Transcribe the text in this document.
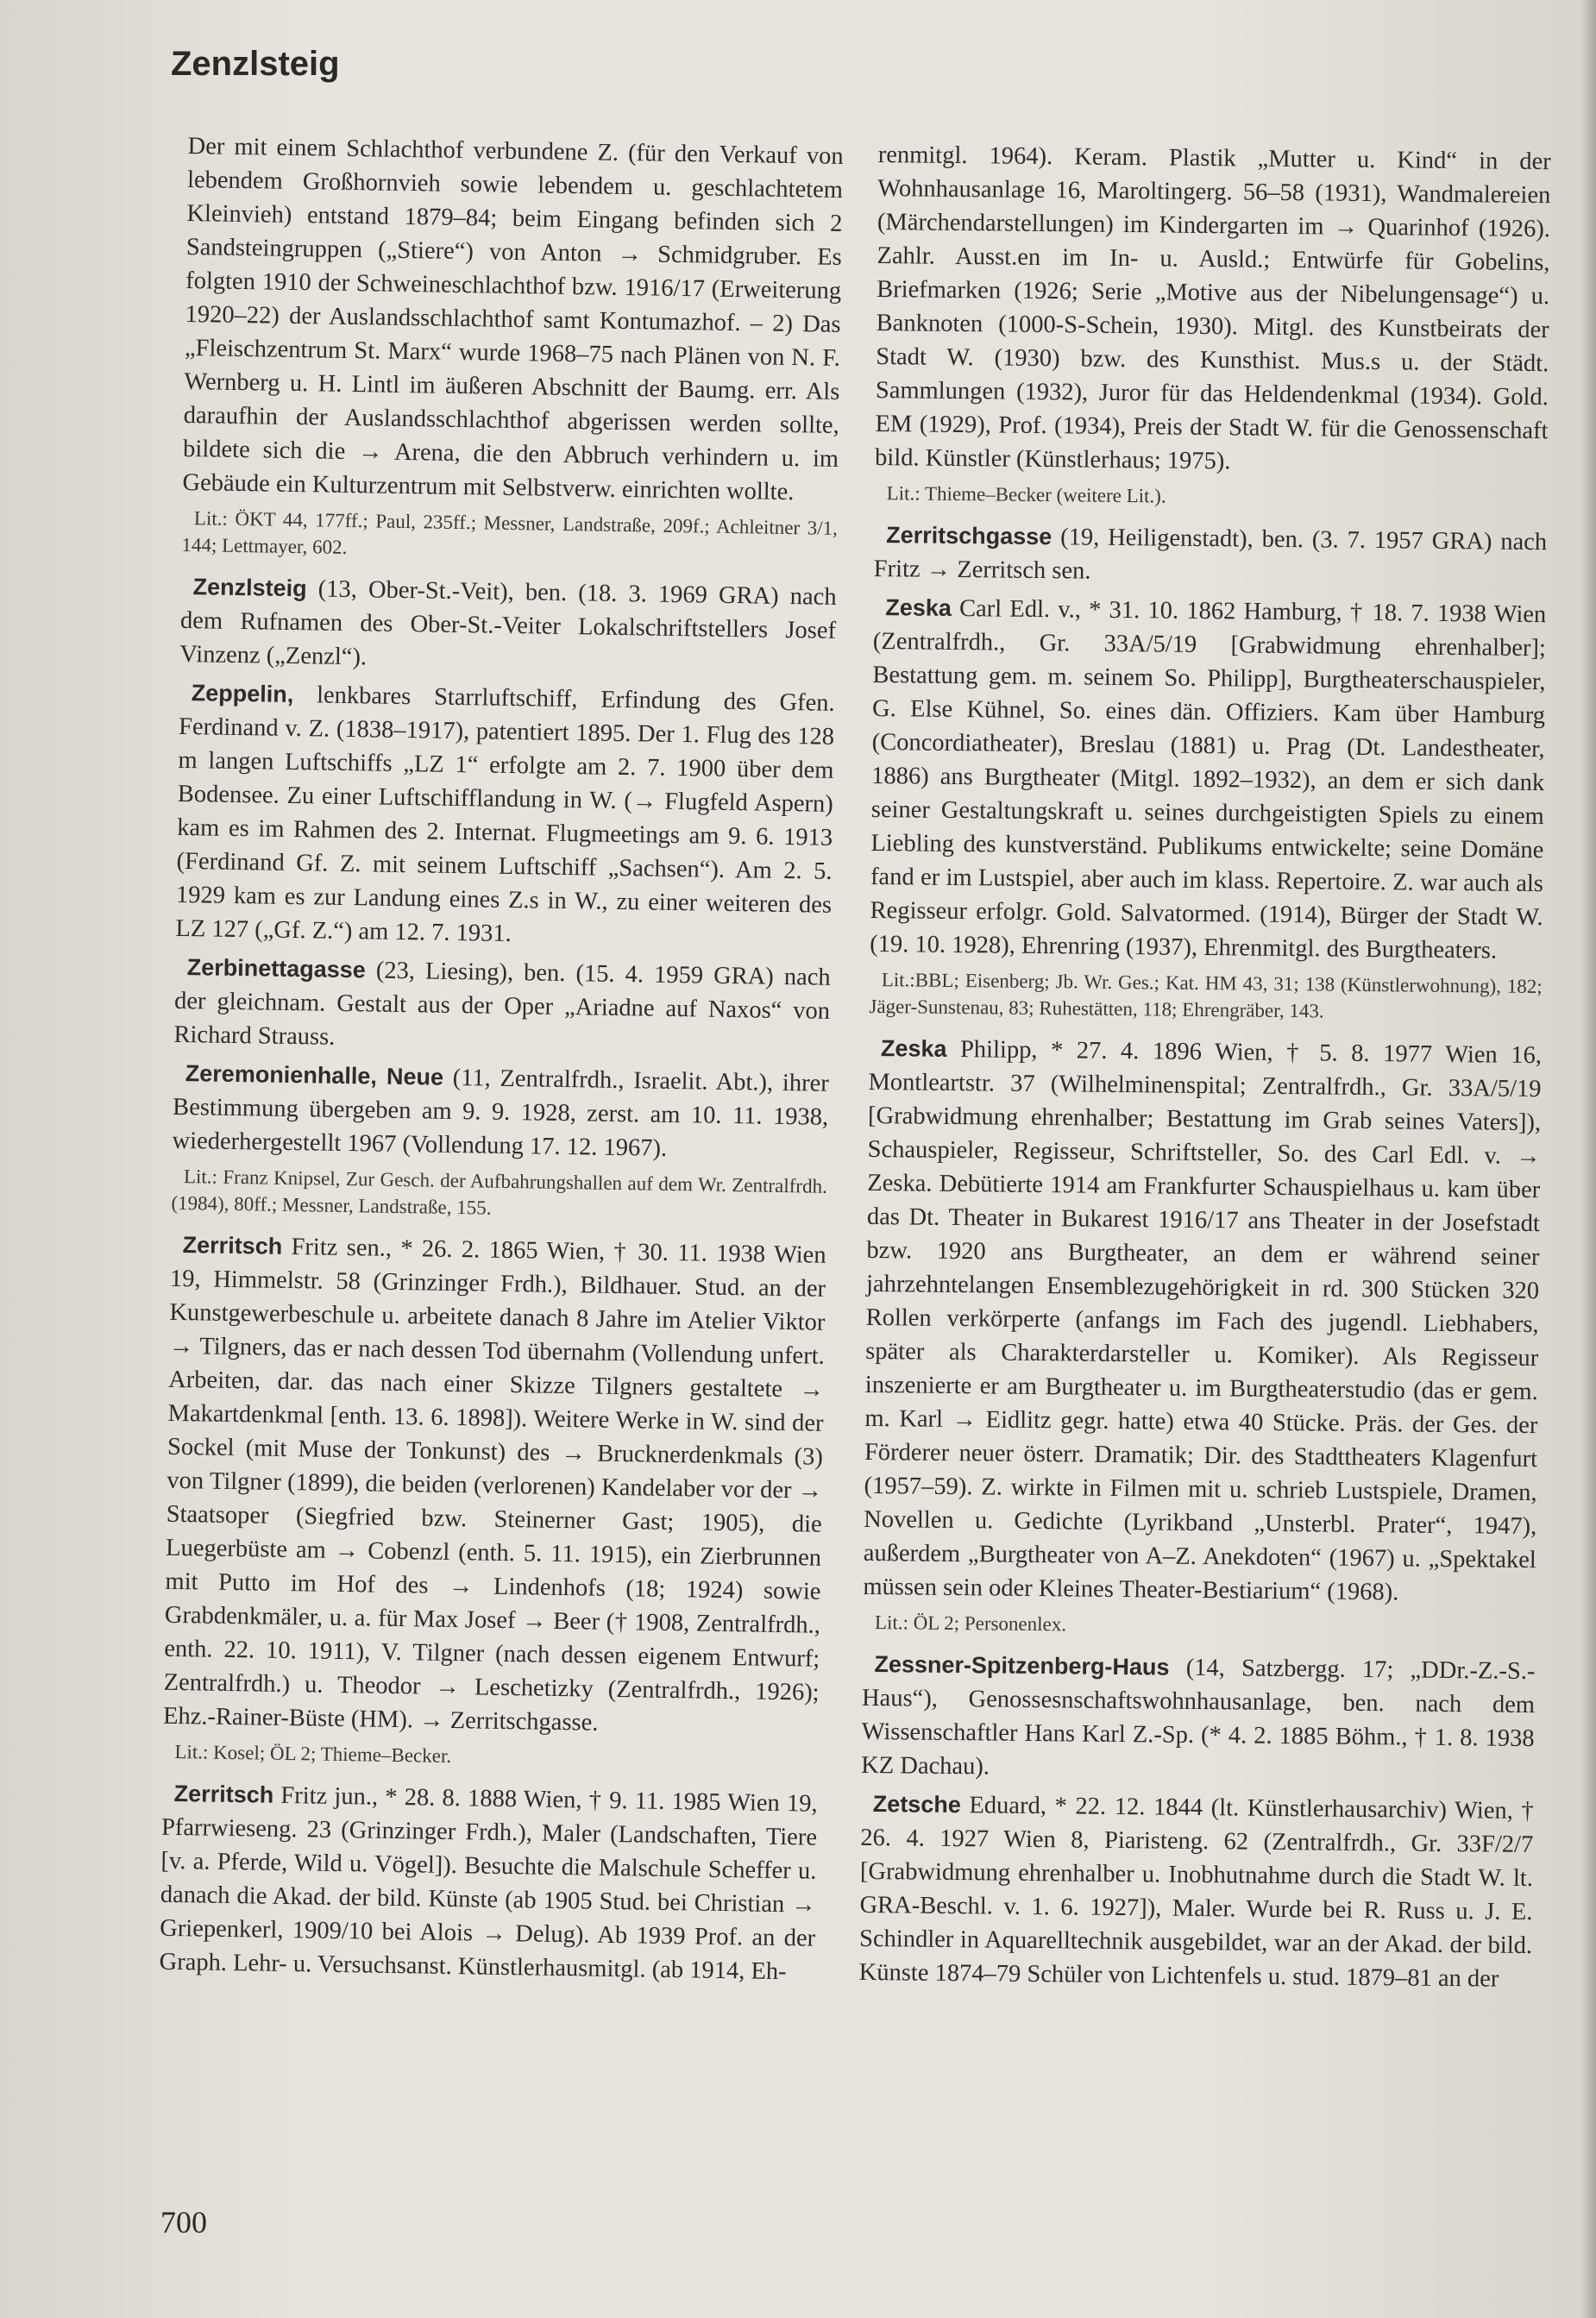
Zenzlsteig

Der mit einem Schlachthof verbundene Z. (für den Verkauf von lebendem Großhornvieh sowie lebendem u. geschlachtetem Kleinvieh) entstand 1879–84; beim Eingang befinden sich 2 Sandsteingruppen („Stiere“) von Anton → Schmidgruber. Es folgten 1910 der Schweineschlachthof bzw. 1916/17 (Erweiterung 1920–22) der Auslandsschlachthof samt Kontumazhof. – 2) Das „Fleischzentrum St. Marx“ wurde 1968–75 nach Plänen von N. F. Wernberg u. H. Lintl im äußeren Abschnitt der Baumg. err. Als daraufhin der Auslandsschlachthof abgerissen werden sollte, bildete sich die → Arena, die den Abbruch verhindern u. im Gebäude ein Kulturzentrum mit Selbstverw. einrichten wollte.

Lit.: ÖKT 44, 177ff.; Paul, 235ff.; Messner, Landstraße, 209f.; Achleitner 3/1, 144; Lettmayer, 602.

Zenzlsteig (13, Ober-St.-Veit), ben. (18. 3. 1969 GRA) nach dem Rufnamen des Ober-St.-Veiter Lokalschriftstellers Josef Vinzenz („Zenzl“).

Zeppelin, lenkbares Starrluftschiff, Erfindung des Gfen. Ferdinand v. Z. (1838–1917), patentiert 1895. Der 1. Flug des 128 m langen Luftschiffs „LZ 1“ erfolgte am 2. 7. 1900 über dem Bodensee. Zu einer Luftschifflandung in W. (→ Flugfeld Aspern) kam es im Rahmen des 2. Internat. Flugmeetings am 9. 6. 1913 (Ferdinand Gf. Z. mit seinem Luftschiff „Sachsen“). Am 2. 5. 1929 kam es zur Landung eines Z.s in W., zu einer weiteren des LZ 127 („Gf. Z.“) am 12. 7. 1931.

Zerbinettagasse (23, Liesing), ben. (15. 4. 1959 GRA) nach der gleichnam. Gestalt aus der Oper „Ariadne auf Naxos“ von Richard Strauss.

Zeremonienhalle, Neue (11, Zentralfrdh., Israelit. Abt.), ihrer Bestimmung übergeben am 9. 9. 1928, zerst. am 10. 11. 1938, wiederhergestellt 1967 (Vollendung 17. 12. 1967).

Lit.: Franz Knipsel, Zur Gesch. der Aufbahrungshallen auf dem Wr. Zentralfrdh. (1984), 80ff.; Messner, Landstraße, 155.

Zerritsch Fritz sen., * 26. 2. 1865 Wien, † 30. 11. 1938 Wien 19, Himmelstr. 58 (Grinzinger Frdh.), Bildhauer. Stud. an der Kunstgewerbeschule u. arbeitete danach 8 Jahre im Atelier Viktor → Tilgners, das er nach dessen Tod übernahm (Vollendung unfert. Arbeiten, dar. das nach einer Skizze Tilgners gestaltete → Makartdenkmal [enth. 13. 6. 1898]). Weitere Werke in W. sind der Sockel (mit Muse der Tonkunst) des → Brucknerdenkmals (3) von Tilgner (1899), die beiden (verlorenen) Kandelaber vor der → Staatsoper (Siegfried bzw. Steinerner Gast; 1905), die Luegerbüste am → Cobenzl (enth. 5. 11. 1915), ein Zierbrunnen mit Putto im Hof des → Lindenhofs (18; 1924) sowie Grabdenkmäler, u. a. für Max Josef → Beer († 1908, Zentralfrdh., enth. 22. 10. 1911), V. Tilgner (nach dessen eigenem Entwurf; Zentralfrdh.) u. Theodor → Leschetizky (Zentralfrdh., 1926); Ehz.-Rainer-Büste (HM). → Zerritschgasse.

Lit.: Kosel; ÖL 2; Thieme–Becker.

Zerritsch Fritz jun., * 28. 8. 1888 Wien, † 9. 11. 1985 Wien 19, Pfarrwieseng. 23 (Grinzinger Frdh.), Maler (Landschaften, Tiere [v. a. Pferde, Wild u. Vögel]). Besuchte die Malschule Scheffer u. danach die Akad. der bild. Künste (ab 1905 Stud. bei Christian → Griepenkerl, 1909/10 bei Alois → Delug). Ab 1939 Prof. an der Graph. Lehr- u. Versuchsanst. Künstlerhausmitgl. (ab 1914, Eh-

renmitgl. 1964). Keram. Plastik „Mutter u. Kind“ in der Wohnhausanlage 16, Maroltingerg. 56–58 (1931), Wandmalereien (Märchendarstellungen) im Kindergarten im → Quarinhof (1926). Zahlr. Ausst.en im In- u. Ausld.; Entwürfe für Gobelins, Briefmarken (1926; Serie „Motive aus der Nibelungensage“) u. Banknoten (1000-S-Schein, 1930). Mitgl. des Kunstbeirats der Stadt W. (1930) bzw. des Kunsthist. Mus.s u. der Städt. Sammlungen (1932), Juror für das Heldendenkmal (1934). Gold. EM (1929), Prof. (1934), Preis der Stadt W. für die Genossenschaft bild. Künstler (Künstlerhaus; 1975).

Lit.: Thieme–Becker (weitere Lit.).

Zerritschgasse (19, Heiligenstadt), ben. (3. 7. 1957 GRA) nach Fritz → Zerritsch sen.

Zeska Carl Edl. v., * 31. 10. 1862 Hamburg, † 18. 7. 1938 Wien (Zentralfrdh., Gr. 33A/5/19 [Grabwidmung ehrenhalber]; Bestattung gem. m. seinem So. Philipp], Burgtheaterschauspieler, G. Else Kühnel, So. eines dän. Offiziers. Kam über Hamburg (Concordiatheater), Breslau (1881) u. Prag (Dt. Landestheater, 1886) ans Burgtheater (Mitgl. 1892–1932), an dem er sich dank seiner Gestaltungskraft u. seines durchgeistigten Spiels zu einem Liebling des kunstverständ. Publikums entwickelte; seine Domäne fand er im Lustspiel, aber auch im klass. Repertoire. Z. war auch als Regisseur erfolgr. Gold. Salvatormed. (1914), Bürger der Stadt W. (19. 10. 1928), Ehrenring (1937), Ehrenmitgl. des Burgtheaters.

Lit.:BBL; Eisenberg; Jb. Wr. Ges.; Kat. HM 43, 31; 138 (Künstlerwohnung), 182; Jäger-Sunstenau, 83; Ruhestätten, 118; Ehrengräber, 143.

Zeska Philipp, * 27. 4. 1896 Wien, † 5. 8. 1977 Wien 16, Montleartstr. 37 (Wilhelminenspital; Zentralfrdh., Gr. 33A/5/19 [Grabwidmung ehrenhalber; Bestattung im Grab seines Vaters]), Schauspieler, Regisseur, Schriftsteller, So. des Carl Edl. v. → Zeska. Debütierte 1914 am Frankfurter Schauspielhaus u. kam über das Dt. Theater in Bukarest 1916/17 ans Theater in der Josefstadt bzw. 1920 ans Burgtheater, an dem er während seiner jahrzehntelangen Ensemblezugehörigkeit in rd. 300 Stücken 320 Rollen verkörperte (anfangs im Fach des jugendl. Liebhabers, später als Charakterdarsteller u. Komiker). Als Regisseur inszenierte er am Burgtheater u. im Burgtheaterstudio (das er gem. m. Karl → Eidlitz gegr. hatte) etwa 40 Stücke. Präs. der Ges. der Förderer neuer österr. Dramatik; Dir. des Stadttheaters Klagenfurt (1957–59). Z. wirkte in Filmen mit u. schrieb Lustspiele, Dramen, Novellen u. Gedichte (Lyrikband „Unsterbl. Prater“, 1947), außerdem „Burgtheater von A–Z. Anekdoten“ (1967) u. „Spektakel müssen sein oder Kleines Theater-Bestiarium“ (1968).

Lit.: ÖL 2; Personenlex.

Zessner-Spitzenberg-Haus (14, Satzbergg. 17; „DDr.-Z.-S.-Haus“), Genossesnschaftswohnhausanlage, ben. nach dem Wissenschaftler Hans Karl Z.-Sp. (* 4. 2. 1885 Böhm., † 1. 8. 1938 KZ Dachau).

Zetsche Eduard, * 22. 12. 1844 (lt. Künstlerhausarchiv) Wien, † 26. 4. 1927 Wien 8, Piaristeng. 62 (Zentralfrdh., Gr. 33F/2/7 [Grabwidmung ehrenhalber u. Inobhutnahme durch die Stadt W. lt. GRA-Beschl. v. 1. 6. 1927]), Maler. Wurde bei R. Russ u. J. E. Schindler in Aquarelltechnik ausgebildet, war an der Akad. der bild. Künste 1874–79 Schüler von Lichtenfels u. stud. 1879–81 an der

700
